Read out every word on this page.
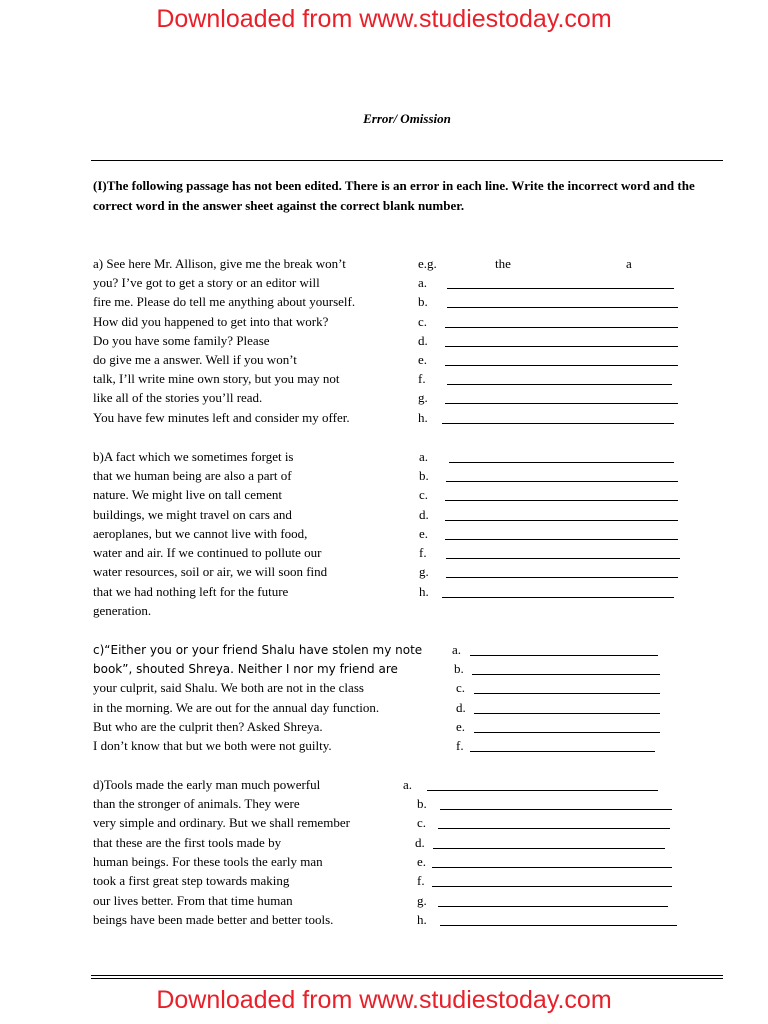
Downloaded from www.studiestoday.com
Error/ Omission
(I)The following passage has not been edited. There is an error in each line. Write the incorrect word and the correct word in the answer sheet against the correct blank number.
e.g.	the	a
a) See here Mr. Allison, give me the break won’t
you? I’ve got to get a story or an editor will
fire me. Please do tell me anything about yourself.
How did you happened to get into that work?
Do you have some family? Please
do give me a answer. Well if you won’t
talk, I’ll write mine own story, but you may not
like all of the stories you’ll read.
You have few minutes left and consider my offer.
a.
b.
c.
d.
e.
f.
g.
h.
b)A fact which we sometimes forget is
that we human being are also a part of
nature. We might live on tall cement
buildings, we might travel on cars and
aeroplanes, but we cannot live with food,
water and air. If we continued to pollute our
water resources, soil or air, we will soon find
that we had nothing left for the future
generation.
a.
b.
c.
d.
e.
f.
g.
h.
c)“Either you or your friend Shalu have stolen my note
book”, shouted Shreya. Neither I nor my friend are
your culprit, said Shalu. We both are not in the class
in the morning. We are out for the annual day function.
But who are the culprit then? Asked Shreya.
I don’t know that but we both were not guilty.
a.
b.
c.
d.
e.
f.
d)Tools made the early man much powerful
than the stronger of animals. They were
very simple and ordinary. But we shall remember
that these are the first tools made by
human beings. For these tools the early man
took a first great step towards making
our lives better. From that time human
beings have been made better and better tools.
a.
b.
c.
d.
e.
f.
g.
h.
Downloaded from www.studiestoday.com
